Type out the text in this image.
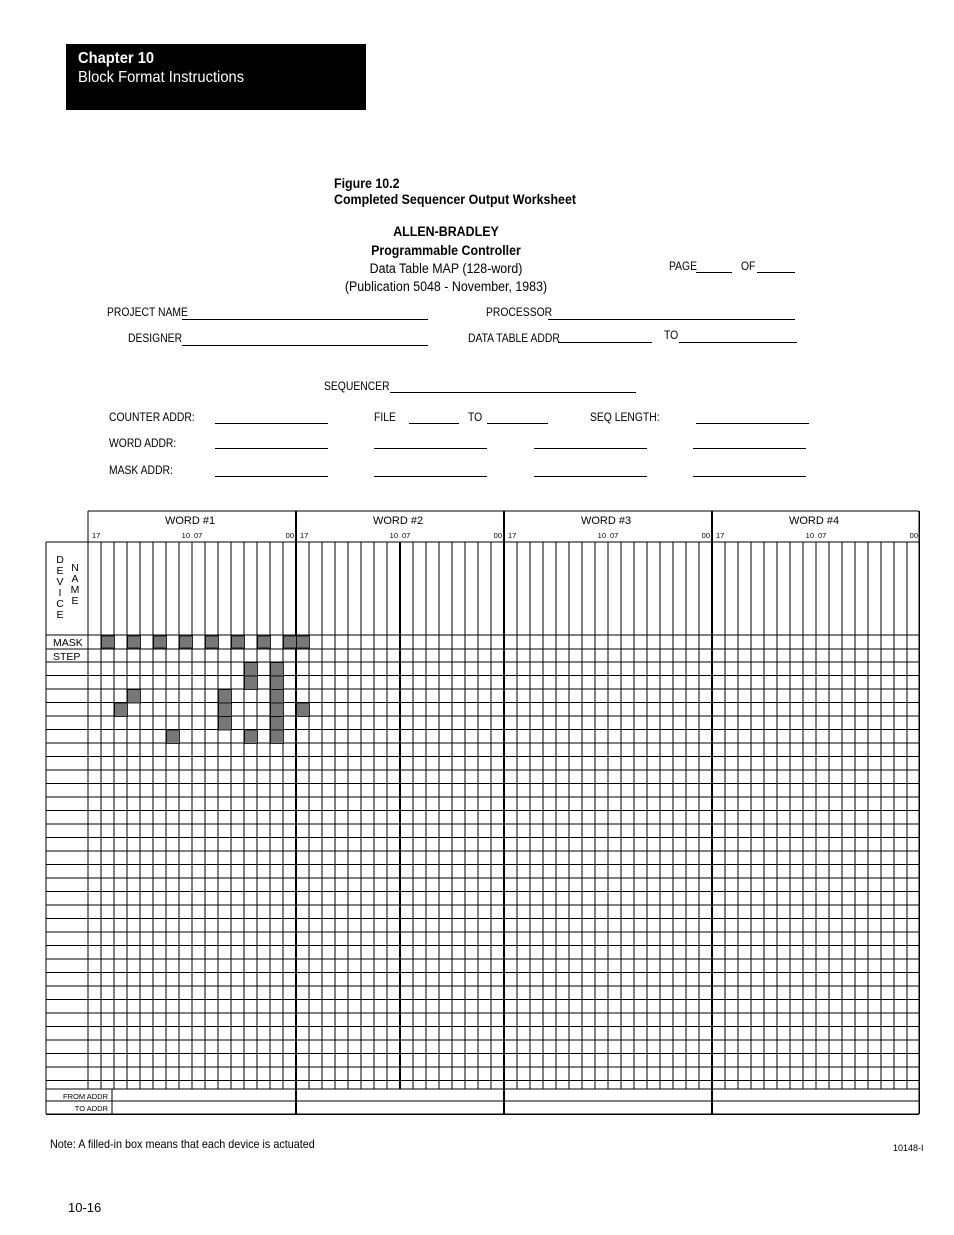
Chapter 10
Block Format Instructions
Figure 10.2
Completed Sequencer Output Worksheet
ALLEN-BRADLEY
Programmable Controller
Data Table MAP (128-word)
(Publication 5048 - November, 1983)
PAGE	OF
PROJECT NAME	PROCESSOR
DESIGNER	DATA TABLE ADDR	TO
SEQUENCER
COUNTER ADDR:	FILE	TO	SEQ LENGTH:
WORD ADDR:
MASK ADDR:
WORD #1
17	10 07	00
WORD #2
17	10 07	00
WORD #3
17	10 07	00
WORD #4
17	10 07	00
D
E
V
I
C
E
N
A
M
E
MASK
STEP
FROM ADDR
TO ADDR
Note: A filled-in box means that each device is actuated	10148-I
10-16
